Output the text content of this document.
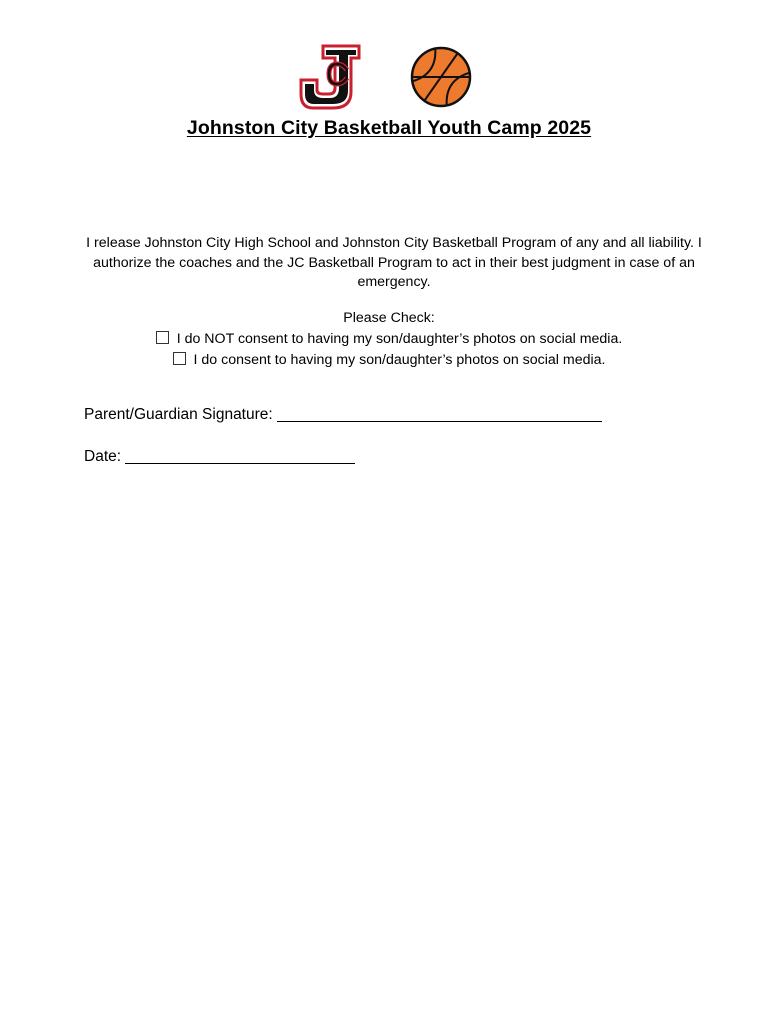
Johnston City Basketball Youth Camp 2025
I release Johnston City High School and Johnston City Basketball Program of any and all liability. I authorize the coaches and the JC Basketball Program to act in their best judgment in case of an emergency.
Please Check:
I do NOT consent to having my son/daughter’s photos on social media.
I do consent to having my son/daughter’s photos on social media.
Parent/Guardian Signature:
Date:
